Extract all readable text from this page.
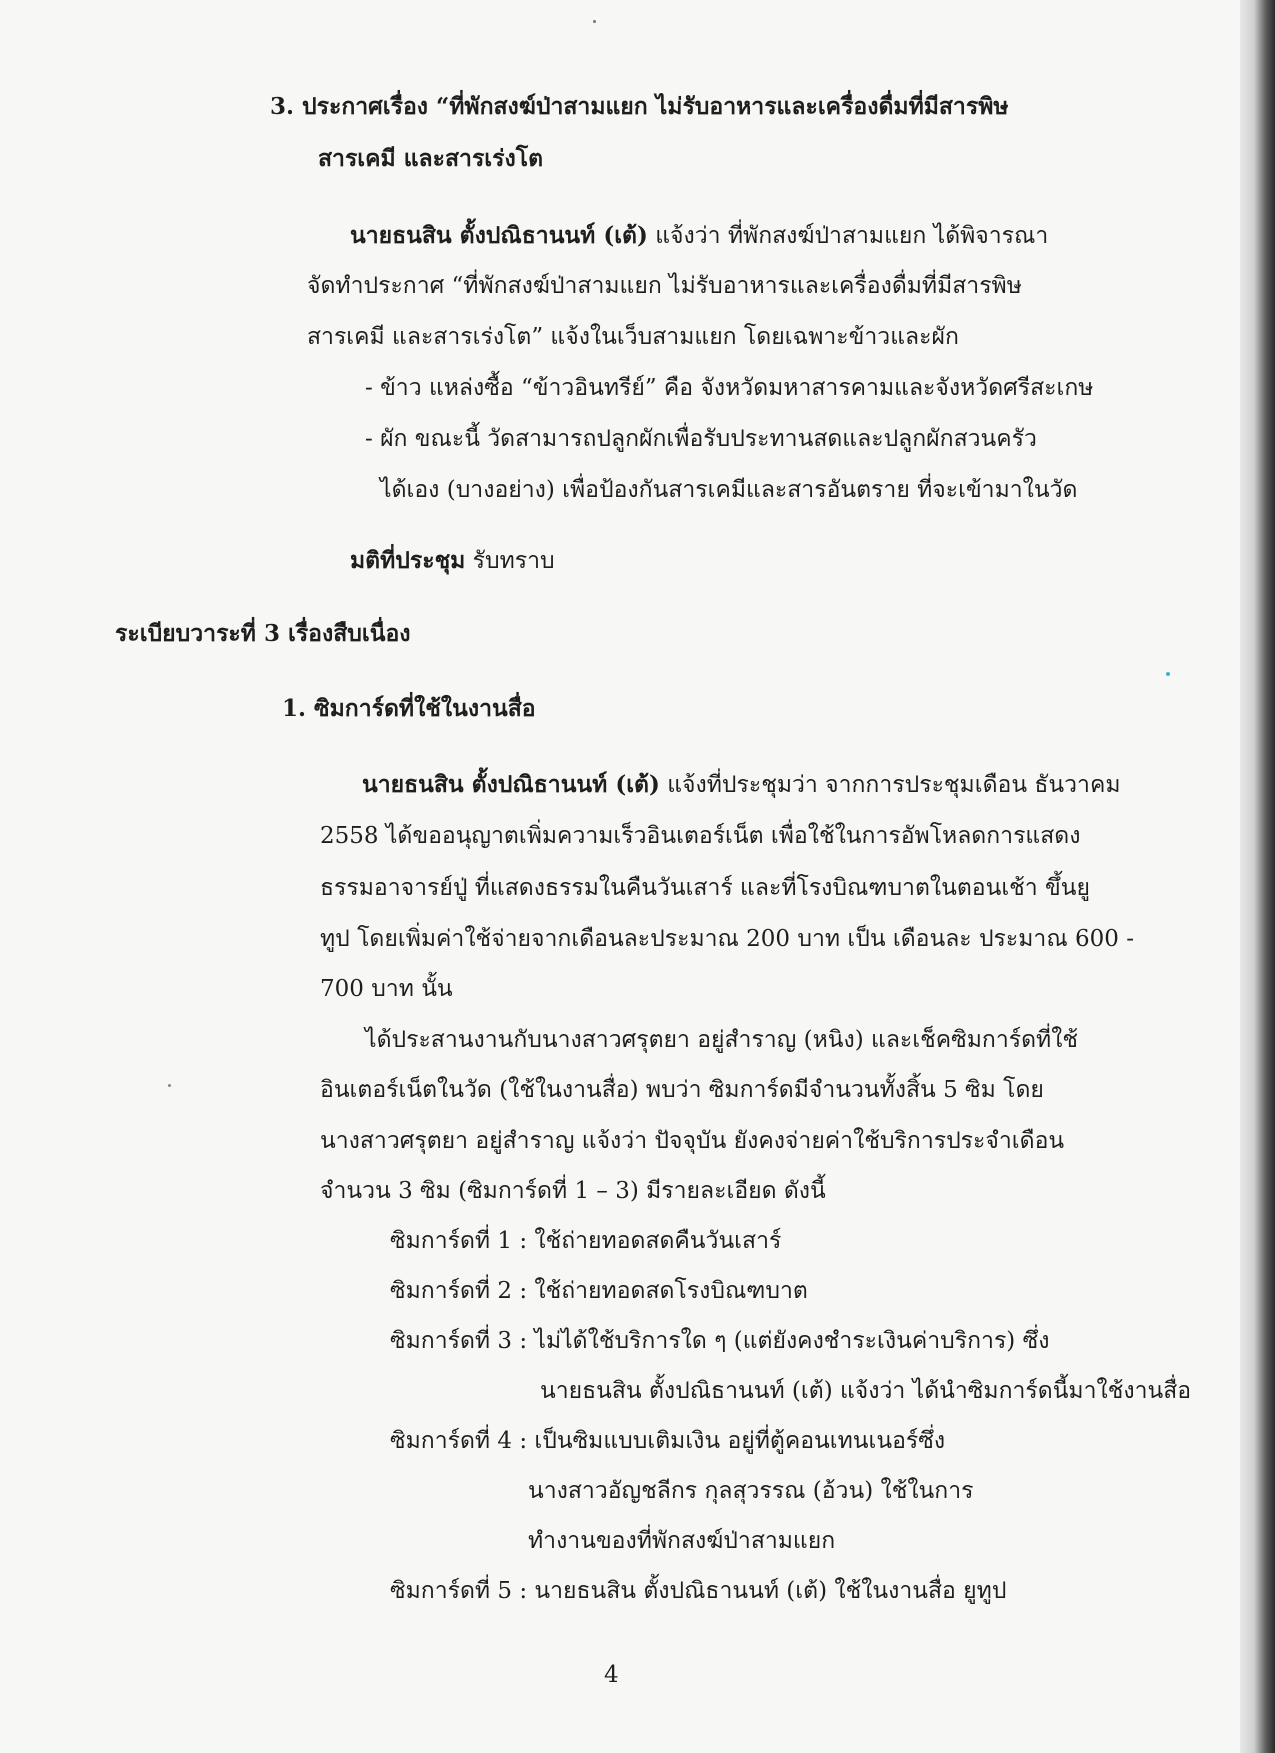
3. ประกาศเรื่อง “ที่พักสงฆ์ป่าสามแยก ไม่รับอาหารและเครื่องดื่มที่มีสารพิษ
สารเคมี และสารเร่งโต
นายธนสิน ตั้งปณิธานนท์ (เต้) แจ้งว่า ที่พักสงฆ์ป่าสามแยก ได้พิจารณา
จัดทำประกาศ “ที่พักสงฆ์ป่าสามแยก ไม่รับอาหารและเครื่องดื่มที่มีสารพิษ
สารเคมี และสารเร่งโต” แจ้งในเว็บสามแยก โดยเฉพาะข้าวและผัก
- ข้าว แหล่งซื้อ “ข้าวอินทรีย์” คือ จังหวัดมหาสารคามและจังหวัดศรีสะเกษ
- ผัก ขณะนี้ วัดสามารถปลูกผักเพื่อรับประทานสดและปลูกผักสวนครัว
ได้เอง (บางอย่าง) เพื่อป้องกันสารเคมีและสารอันตราย ที่จะเข้ามาในวัด
มติที่ประชุม รับทราบ
ระเบียบวาระที่ 3 เรื่องสืบเนื่อง
1. ซิมการ์ดที่ใช้ในงานสื่อ
นายธนสิน ตั้งปณิธานนท์ (เต้) แจ้งที่ประชุมว่า จากการประชุมเดือน ธันวาคม
2558 ได้ขออนุญาตเพิ่มความเร็วอินเตอร์เน็ต เพื่อใช้ในการอัพโหลดการแสดง
ธรรมอาจารย์ปู่ ที่แสดงธรรมในคืนวันเสาร์ และที่โรงบิณฑบาตในตอนเช้า ขึ้นยู
ทูป โดยเพิ่มค่าใช้จ่ายจากเดือนละประมาณ 200 บาท เป็น เดือนละ ประมาณ 600 -
700 บาท นั้น
ได้ประสานงานกับนางสาวศรุตยา อยู่สำราญ (หนิง) และเช็คซิมการ์ดที่ใช้
อินเตอร์เน็ตในวัด (ใช้ในงานสื่อ) พบว่า ซิมการ์ดมีจำนวนทั้งสิ้น 5 ซิม โดย
นางสาวศรุตยา อยู่สำราญ แจ้งว่า ปัจจุบัน ยังคงจ่ายค่าใช้บริการประจำเดือน
จำนวน 3 ซิม (ซิมการ์ดที่ 1 – 3) มีรายละเอียด ดังนี้
ซิมการ์ดที่ 1 : ใช้ถ่ายทอดสดคืนวันเสาร์
ซิมการ์ดที่ 2 : ใช้ถ่ายทอดสดโรงบิณฑบาต
ซิมการ์ดที่ 3 : ไม่ได้ใช้บริการใด ๆ (แต่ยังคงชำระเงินค่าบริการ) ซึ่ง
นายธนสิน ตั้งปณิธานนท์ (เต้) แจ้งว่า ได้นำซิมการ์ดนี้มาใช้งานสื่อ
ซิมการ์ดที่ 4 : เป็นซิมแบบเติมเงิน อยู่ที่ตู้คอนเทนเนอร์ซึ่ง
นางสาวอัญชลีกร กุลสุวรรณ (อ้วน) ใช้ในการ
ทำงานของที่พักสงฆ์ป่าสามแยก
ซิมการ์ดที่ 5 : นายธนสิน ตั้งปณิธานนท์ (เต้) ใช้ในงานสื่อ ยูทูป
4
